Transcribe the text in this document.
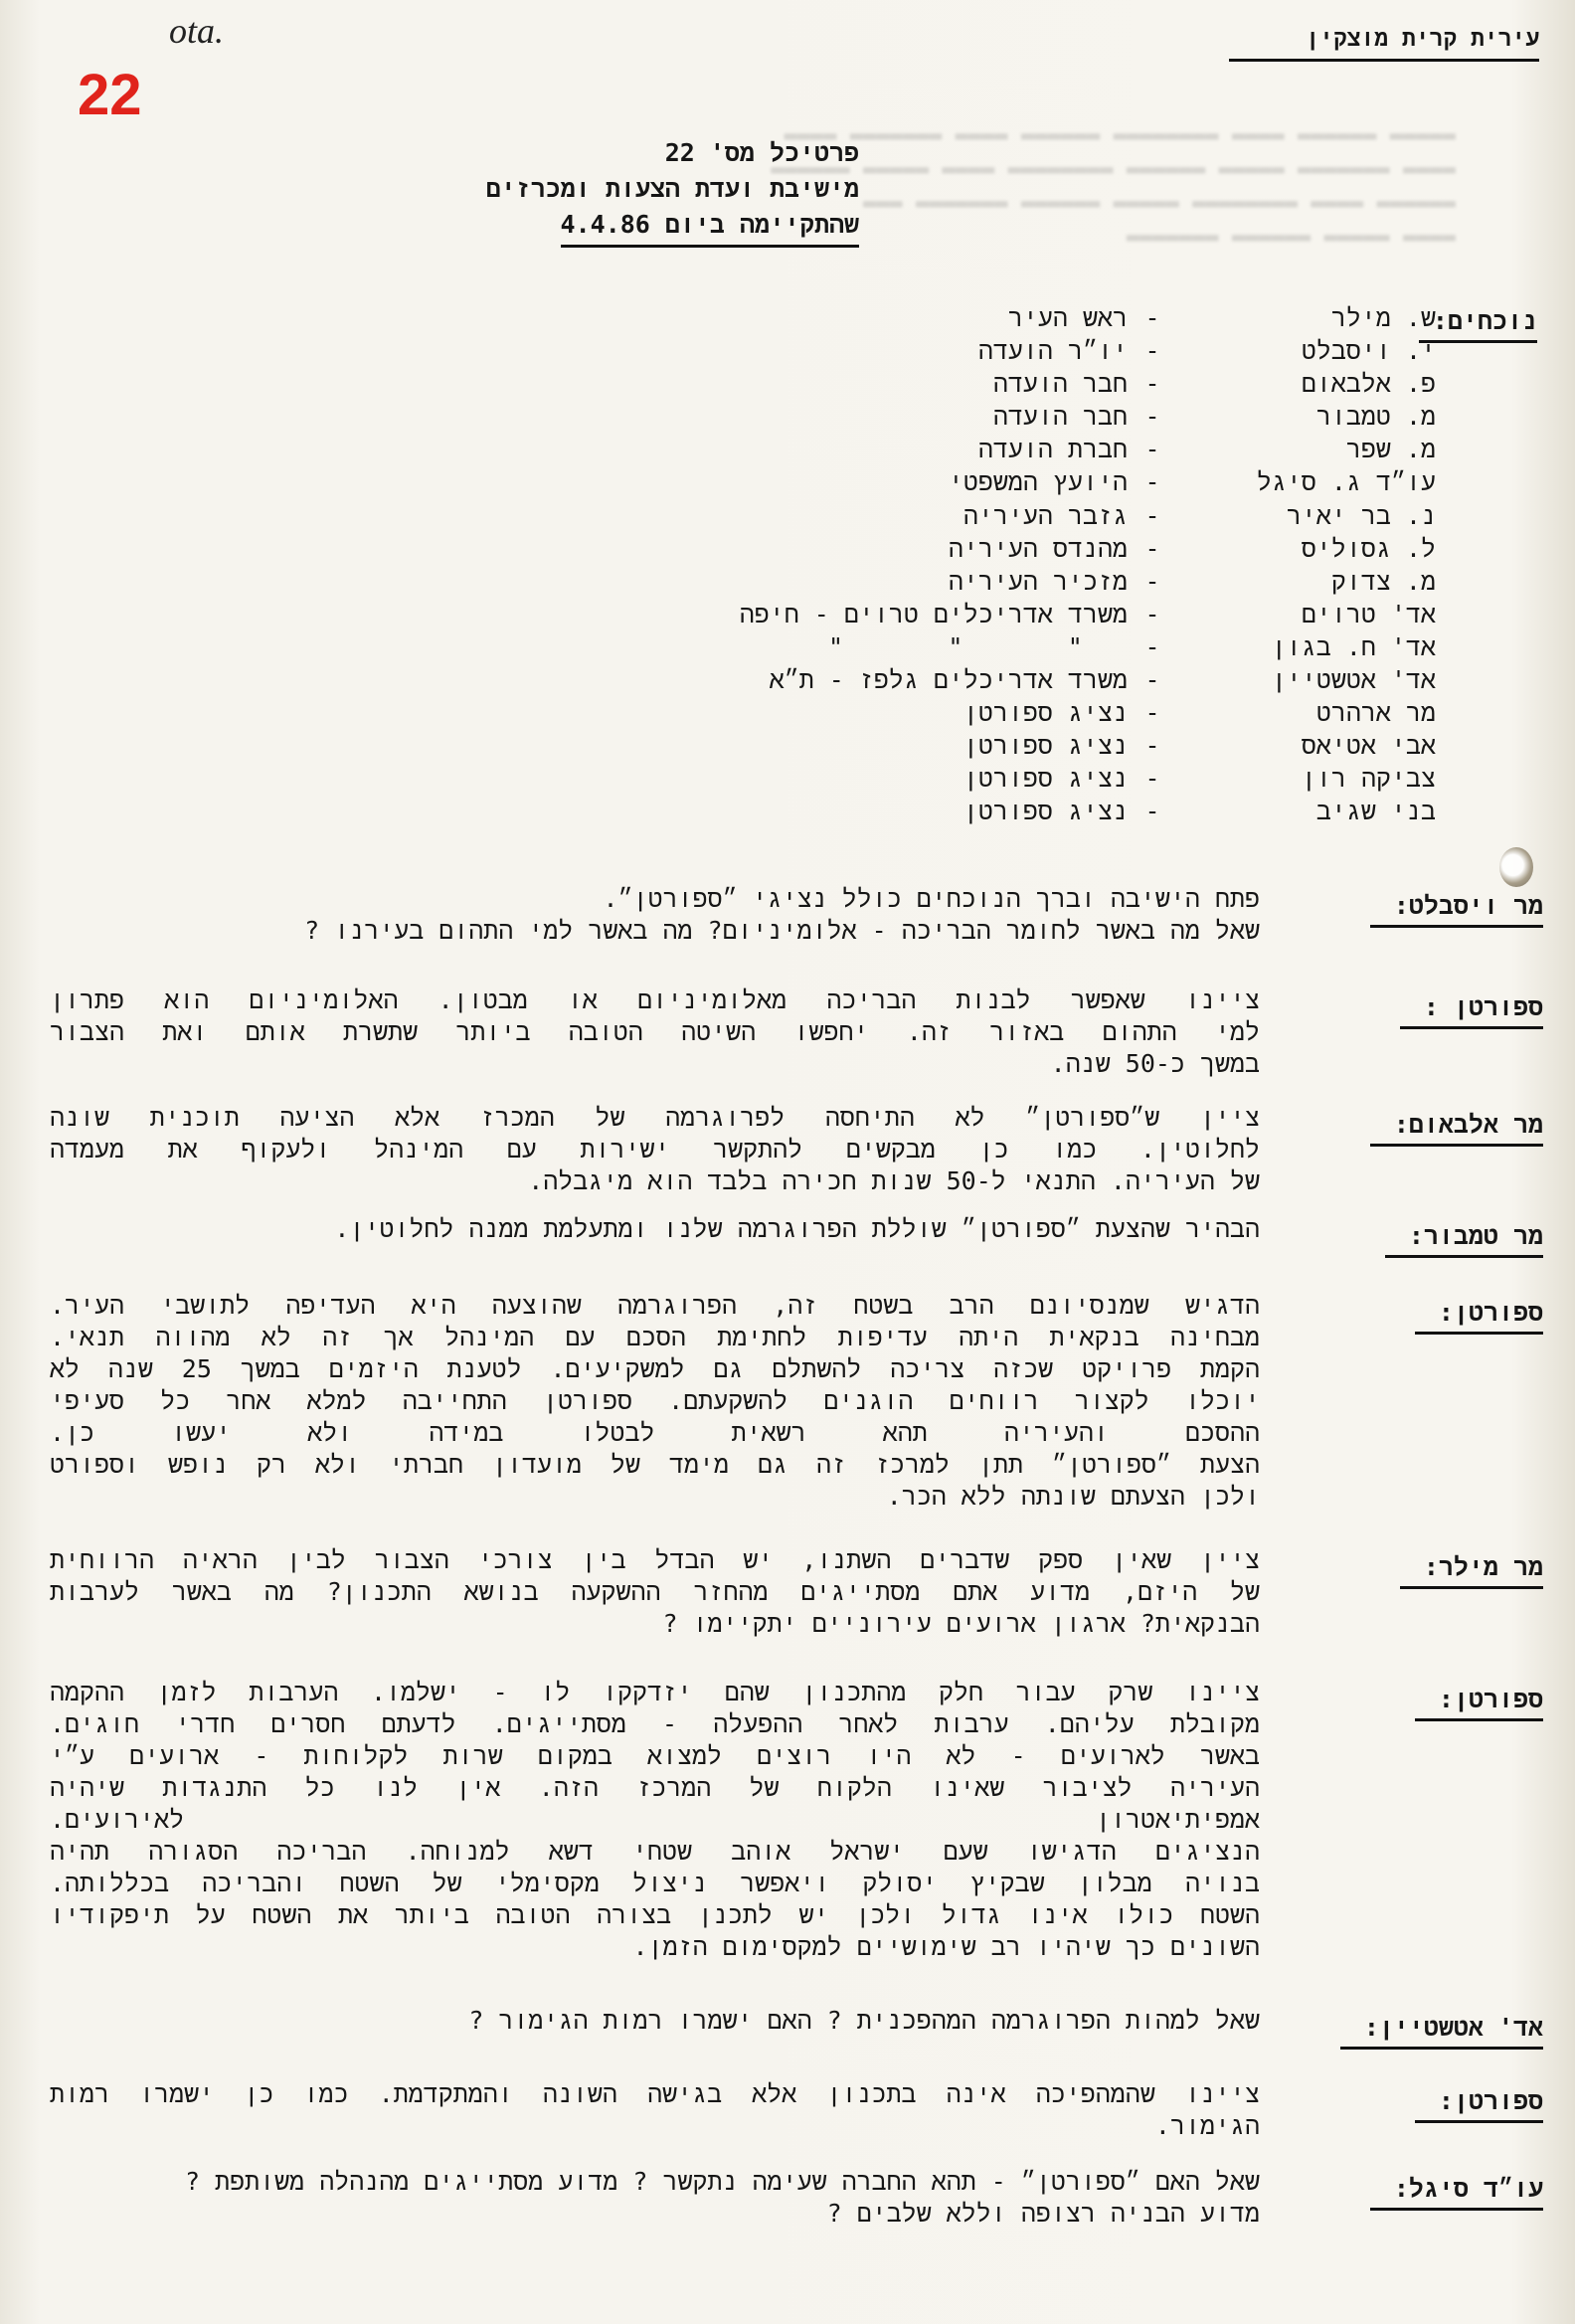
▬▬▬▬▬ ▬▬▬▬▬▬ ▬▬▬▬ ▬▬▬▬▬▬▬▬ ▬▬▬▬▬▬ ▬▬▬▬ ▬▬▬▬▬▬▬ ▬▬▬▬
▬▬▬▬ ▬▬▬▬▬▬▬ ▬▬▬▬▬ ▬▬▬▬▬▬ ▬▬▬▬▬▬▬▬ ▬▬▬▬ ▬▬▬▬▬ ▬▬▬▬▬▬
▬▬▬▬▬▬ ▬▬▬▬ ▬▬▬▬▬▬▬▬ ▬▬▬▬▬ ▬▬▬▬▬▬ ▬▬▬▬▬▬▬ ▬▬▬
▬▬▬▬ ▬▬▬▬▬ ▬▬▬▬▬▬ ▬▬▬▬▬▬▬
ota.
22
עירית קרית מוצקין
פרטיכל מס' 22
מישיבת ועדת הצעות ומכרזים
שהתקיימה ביום 4.4.86
נוכחים:
ש. מילר
-
ראש העיר
י. ויסבלט
-
יו״ר הועדה
פ. אלבאום
-
חבר הועדה
מ. טמבור
-
חבר הועדה
מ. שפר
-
חברת הועדה
עו״ד ג. סיגל
-
היועץ המשפטי
נ. בר יאיר
-
גזבר העיריה
ל. גסוליס
-
מהנדס העיריה
מ. צדוק
-
מזכיר העיריה
אד' טרוים
-
משרד אדריכלים טרוים - חיפה
אד' ח. בגון
-
"       "       "
אד' אטשטיין
-
משרד אדריכלים גלפז - ת״א
מר ארהרט
-
נציג ספורטן
אבי אטיאס
-
נציג ספורטן
צביקה רון
-
נציג ספורטן
בני שגיב
-
נציג ספורטן
מר ויסבלט:
פתח הישיבה וברך הנוכחים כולל נציגי ״ספורטן״.
שאל מה באשר לחומר הבריכה - אלומיניום? מה באשר למי התהום בעירנו ?
ספורטן :
ציינו שאפשר לבנות הבריכה מאלומיניום או מבטון. האלומיניום הוא פתרון
למי התהום באזור זה. יחפשו השיטה הטובה ביותר שתשרת אותם ואת הצבור
במשך כ-50 שנה.
מר אלבאום:
ציין ש״ספורטן״ לא התיחסה לפרוגרמה של המכרז אלא הציעה תוכנית שונה
לחלוטין. כמו כן מבקשים להתקשר ישירות עם המינהל ולעקוף את מעמדה
של העיריה. התנאי ל-50 שנות חכירה בלבד הוא מיגבלה.
מר טמבור:
הבהיר שהצעת ״ספורטן״ שוללת הפרוגרמה שלנו ומתעלמת ממנה לחלוטין.
ספורטן:
הדגיש שמנסיונם הרב בשטח זה, הפרוגרמה שהוצעה היא העדיפה לתושבי העיר.
מבחינה בנקאית היתה עדיפות לחתימת הסכם עם המינהל אך זה לא מהווה תנאי.
הקמת פרויקט שכזה צריכה להשתלם גם למשקיעים. לטענת היזמים במשך 25 שנה לא
יוכלו לקצור רווחים הוגנים להשקעתם. ספורטן התחייבה למלא אחר כל סעיפי
ההסכם והעיריה תהא רשאית לבטלו במידה ולא יעשו כן.
הצעת ״ספורטן״ תתן למרכז זה גם מימד של מועדון חברתי ולא רק נופש וספורט
ולכן הצעתם שונתה ללא הכר.
מר מילר:
ציין שאין ספק שדברים השתנו, יש הבדל בין צורכי הצבור לבין הראיה הרווחית
של היזם, מדוע אתם מסתייגים מהחזר ההשקעה בנושא התכנון? מה באשר לערבות
הבנקאית? ארגון ארועים עירוניים יתקיימו ?
ספורטן:
ציינו שרק עבור חלק מהתכנון שהם יזדקקו לו - ישלמו. הערבות לזמן ההקמה
מקובלת עליהם. ערבות לאחר ההפעלה - מסתייגים. לדעתם חסרים חדרי חוגים.
באשר לארועים - לא היו רוצים למצוא במקום שרות לקלוחות - ארועים ע״י
העיריה לציבור שאינו הלקוח של המרכז הזה. אין לנו כל התנגדות שיהיה
אמפיתיאטרון לאירועים.
הנציגים הדגישו שעם ישראל אוהב שטחי דשא למנוחה. הבריכה הסגורה תהיה
בנויה מבלון שבקיץ יסולק ויאפשר ניצול מקסימלי של השטח והבריכה בכללותה.
השטח כולו אינו גדול ולכן יש לתכנן בצורה הטובה ביותר את השטח על תיפקודיו
השונים כך שיהיו רב שימושיים למקסימום הזמן.
אד' אטשטיין:
שאל למהות הפרוגרמה המהפכנית ? האם ישמרו רמות הגימור ?
ספורטן:
ציינו שהמהפיכה אינה בתכנון אלא בגישה השונה והמתקדמת. כמו כן ישמרו רמות
הגימור.
עו״ד סיגל:
שאל האם ״ספורטן״ - תהא החברה שעימה נתקשר ? מדוע מסתייגים מהנהלה משותפת ?
מדוע הבניה רצופה וללא שלבים ?
